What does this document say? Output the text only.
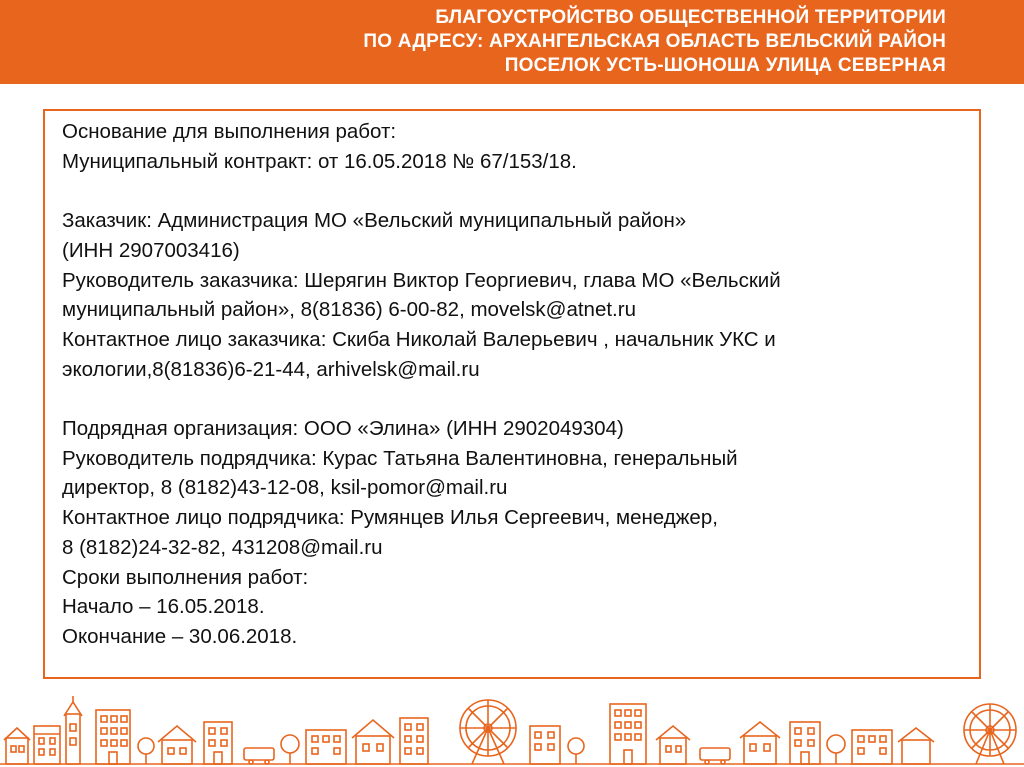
БЛАГОУСТРОЙСТВО ОБЩЕСТВЕННОЙ ТЕРРИТОРИИ
ПО АДРЕСУ: АРХАНГЕЛЬСКАЯ ОБЛАСТЬ ВЕЛЬСКИЙ РАЙОН
ПОСЕЛОК УСТЬ-ШОНОША УЛИЦА СЕВЕРНАЯ
Основание для выполнения работ:
Муниципальный контракт: от 16.05.2018 № 67/153/18.
Заказчик: Администрация МО «Вельский муниципальный район»
(ИНН 2907003416)
Руководитель заказчика: Шерягин Виктор Георгиевич, глава МО «Вельский
муниципальный район», 8(81836) 6-00-82, movelsk@atnet.ru
Контактное лицо заказчика: Скиба Николай Валерьевич , начальник УКС и
экологии,8(81836)6-21-44, arhivelsk@mail.ru
Подрядная организация: ООО «Элина» (ИНН 2902049304)
Руководитель подрядчика: Курас Татьяна Валентиновна, генеральный
директор, 8 (8182)43-12-08, ksil-pomor@mail.ru
Контактное лицо подрядчика: Румянцев Илья Сергеевич, менеджер,
8 (8182)24-32-82, 431208@mail.ru
Сроки выполнения работ:
Начало – 16.05.2018.
Окончание – 30.06.2018.
